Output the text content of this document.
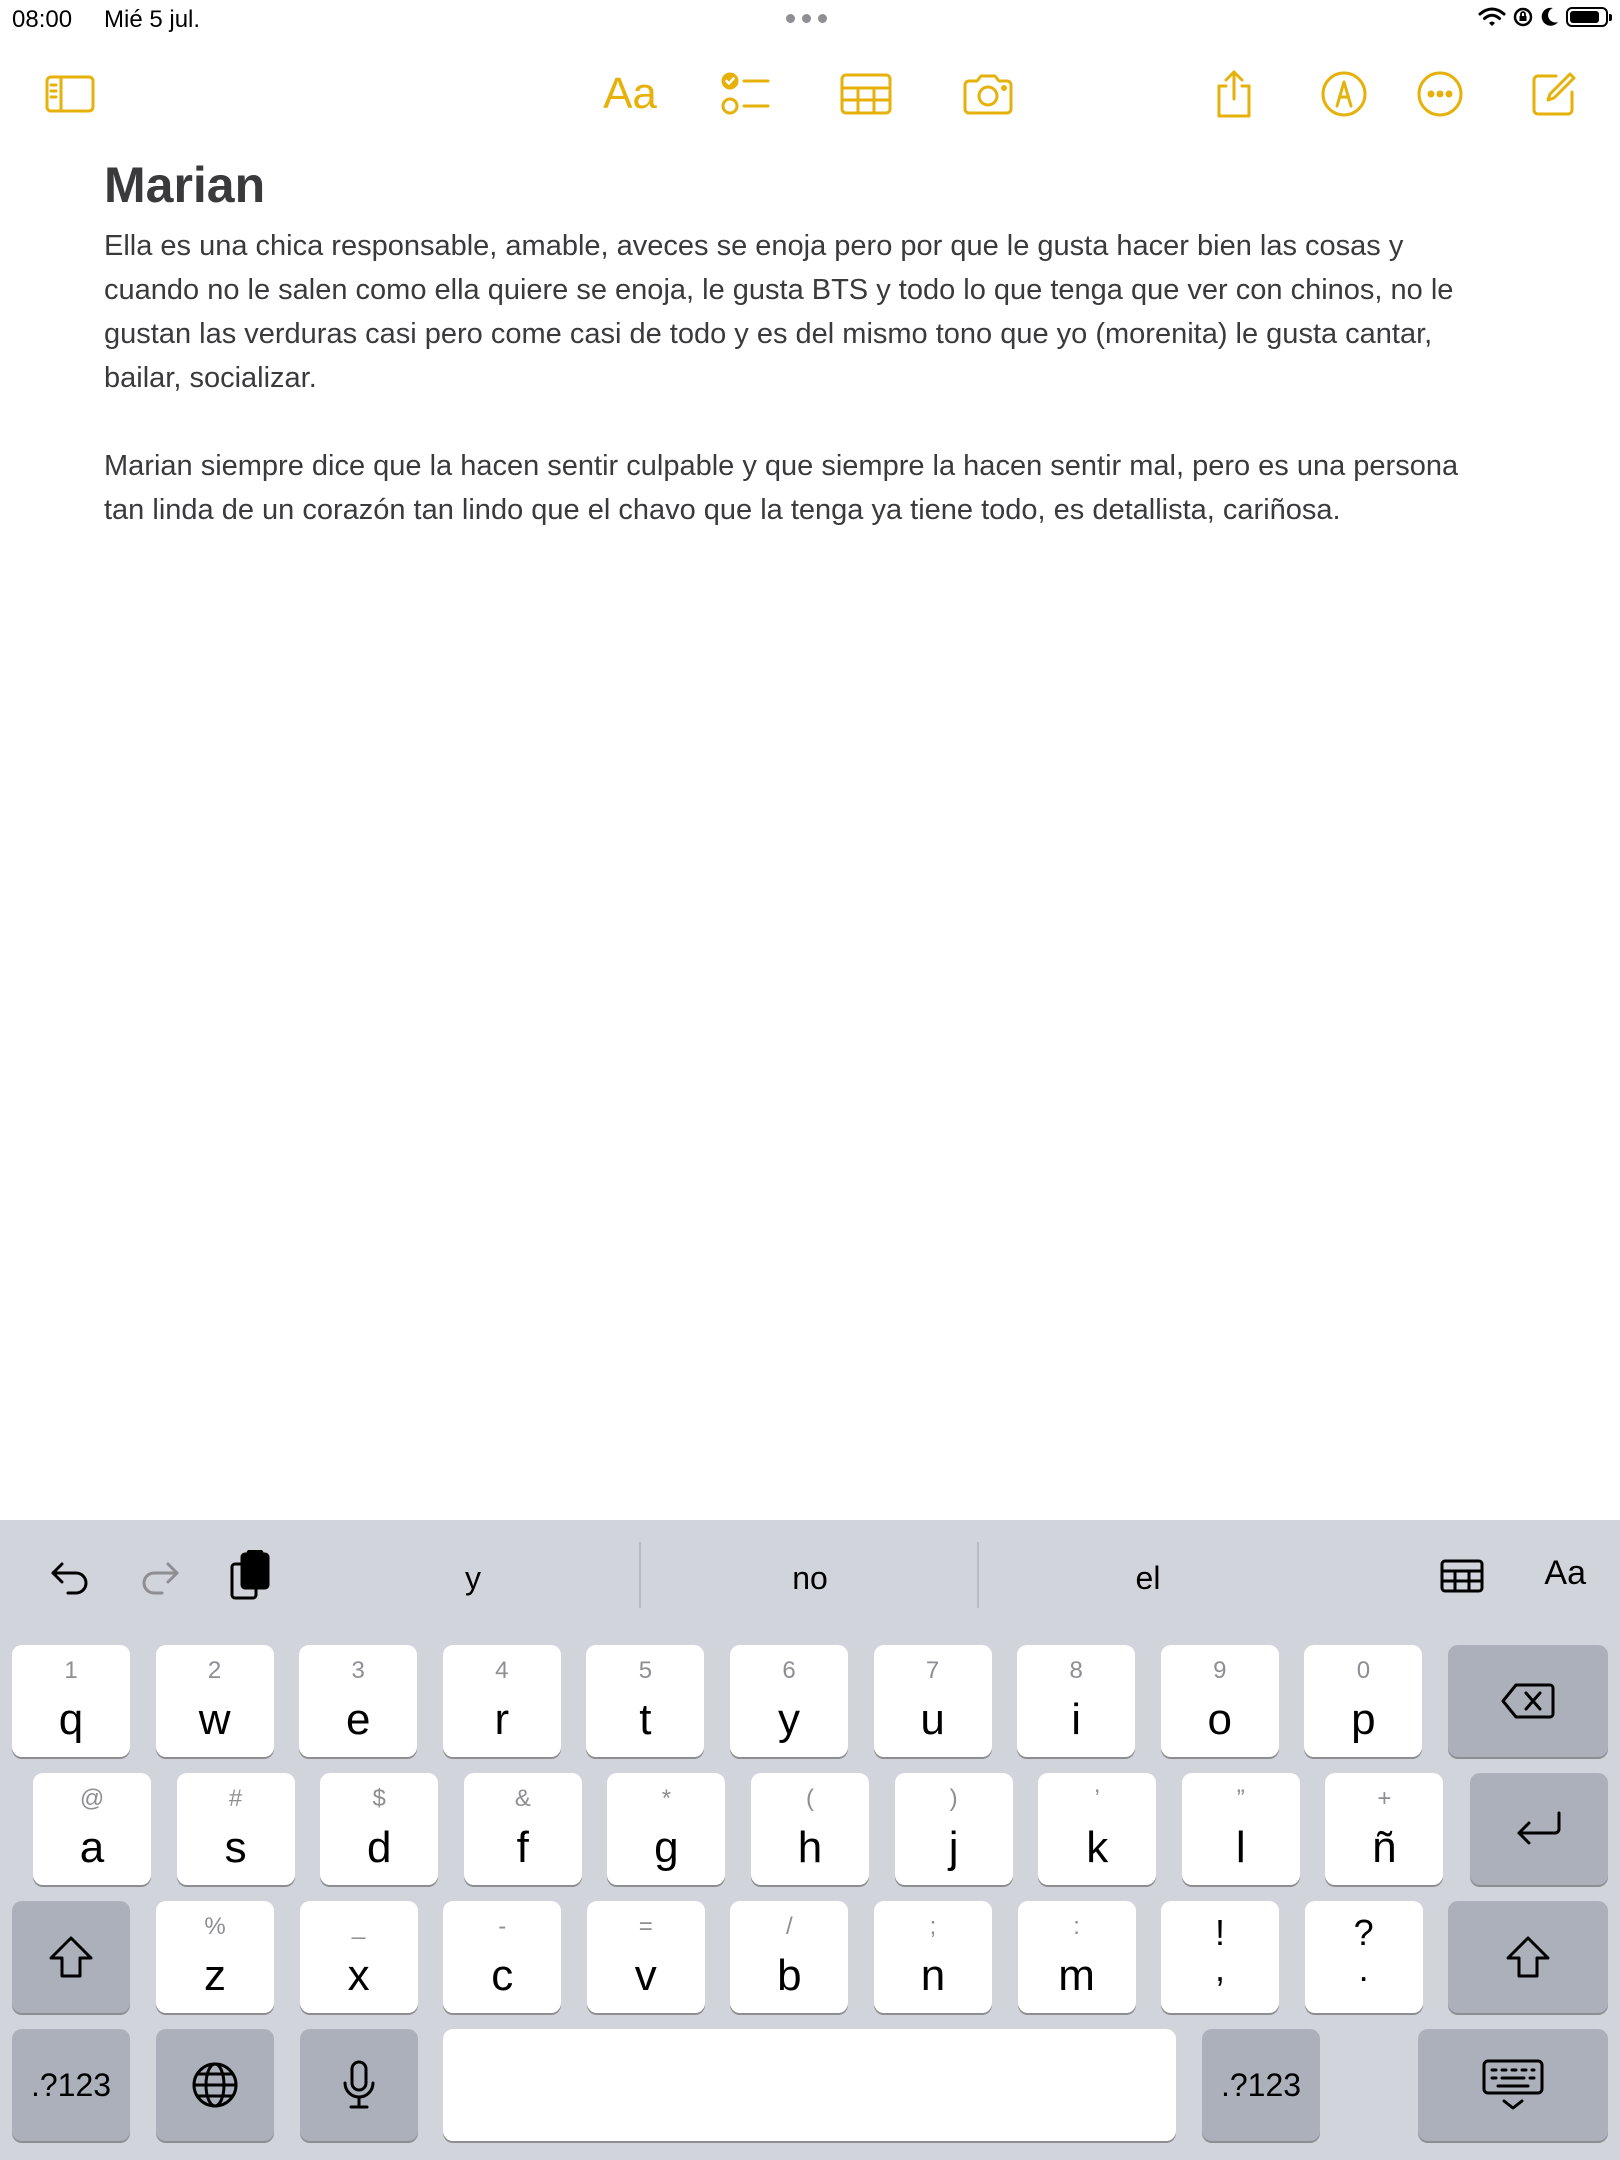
08:00 Mié 5 jul.
Aa
Marian

Ella es una chica responsable, amable, aveces se enoja pero por que le gusta hacer bien las cosas y cuando no le salen como ella quiere se enoja, le gusta BTS y todo lo que tenga que ver con chinos, no le gustan las verduras casi pero come casi de todo y es del mismo tono que yo (morenita) le gusta cantar, bailar, socializar.

Marian siempre dice que la hacen sentir culpable y que siempre la hacen sentir mal, pero es una persona tan linda de un corazón tan lindo que el chavo que la tenga ya tiene todo, es detallista, cariñosa.

y	no	el	Aa
1
q
2
w
3
e
4
r
5
t
6
y
7
u
8
i
9
o
0
p
@
a
#
s
$
d
&
f
*
g
(
h
)
j
’
k
”
l
+
ñ
%
z
_
x
-
c
=
v
/
b
;
n
:
m
!
,
?
.
.?123	.?123
